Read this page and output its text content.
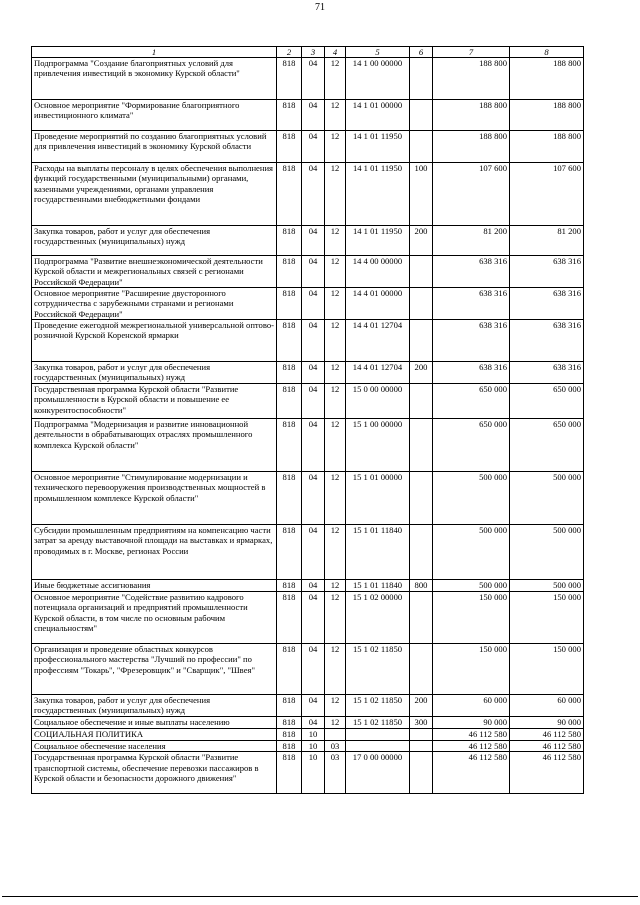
71
1	2	3	4	5	6	7	8
Подпрограмма "Создание благоприятных условий для привлечения инвестиций в экономику Курской области"	818	04	12	14 1 00 00000		188 800	188 800
Основное мероприятие "Формирование благоприятного инвестиционного климата"	818	04	12	14 1 01 00000		188 800	188 800
Проведение мероприятий по созданию благоприятных условий для привлечения инвестиций в экономику Курской области	818	04	12	14 1 01 11950		188 800	188 800
Расходы на выплаты персоналу в целях обеспечения выполнения функций государственными (муниципальными) органами, казенными учреждениями, органами управления государственными внебюджетными фондами	818	04	12	14 1 01 11950	100	107 600	107 600
Закупка товаров, работ и услуг для обеспечения государственных (муниципальных) нужд	818	04	12	14 1 01 11950	200	81 200	81 200
Подпрограмма "Развитие внешнеэкономической деятельности Курской области и межрегиональных связей с регионами Российской Федерации"	818	04	12	14 4 00 00000		638 316	638 316
Основное мероприятие "Расширение двусторонного сотрудничества с зарубежными странами и регионами Российской Федерации"	818	04	12	14 4 01 00000		638 316	638 316
Проведение ежегодной межрегиональной универсальной оптово-розничной Курской Коренской ярмарки	818	04	12	14 4 01 12704		638 316	638 316
Закупка товаров, работ и услуг для обеспечения государственных (муниципальных) нужд	818	04	12	14 4 01 12704	200	638 316	638 316
Государственная программа Курской области "Развитие промышленности в Курской области и повышение ее конкурентоспособности"	818	04	12	15 0 00 00000		650 000	650 000
Подпрограмма "Модернизация и развитие инновационной деятельности в обрабатывающих отраслях промышленного комплекса Курской области"	818	04	12	15 1 00 00000		650 000	650 000
Основное мероприятие "Стимулирование модернизации и технического перевооружения производственных мощностей в промышленном комплексе Курской области"	818	04	12	15 1 01 00000		500 000	500 000
Субсидии промышленным предприятиям на компенсацию части затрат за аренду выставочной площади на выставках и ярмарках, проводимых в г. Москве, регионах России	818	04	12	15 1 01 11840		500 000	500 000
Иные бюджетные ассигнования	818	04	12	15 1 01 11840	800	500 000	500 000
Основное мероприятие "Содействие развитию кадрового потенциала организаций и предприятий промышленности Курской области, в том числе по основным рабочим специальностям"	818	04	12	15 1 02 00000		150 000	150 000
Организация и проведение областных конкурсов профессионального мастерства "Лучший по профессии" по профессиям "Токарь", "Фрезеровщик" и "Сварщик", "Швея"	818	04	12	15 1 02 11850		150 000	150 000
Закупка товаров, работ и услуг для обеспечения государственных (муниципальных) нужд	818	04	12	15 1 02 11850	200	60 000	60 000
Социальное обеспечение и иные выплаты населению	818	04	12	15 1 02 11850	300	90 000	90 000
СОЦИАЛЬНАЯ ПОЛИТИКА	818	10				46 112 580	46 112 580
Социальное обеспечение населения	818	10	03			46 112 580	46 112 580
Государственная программа Курской области "Развитие транспортной системы, обеспечение перевозки пассажиров в Курской области и безопасности дорожного движения"	818	10	03	17 0 00 00000		46 112 580	46 112 580
